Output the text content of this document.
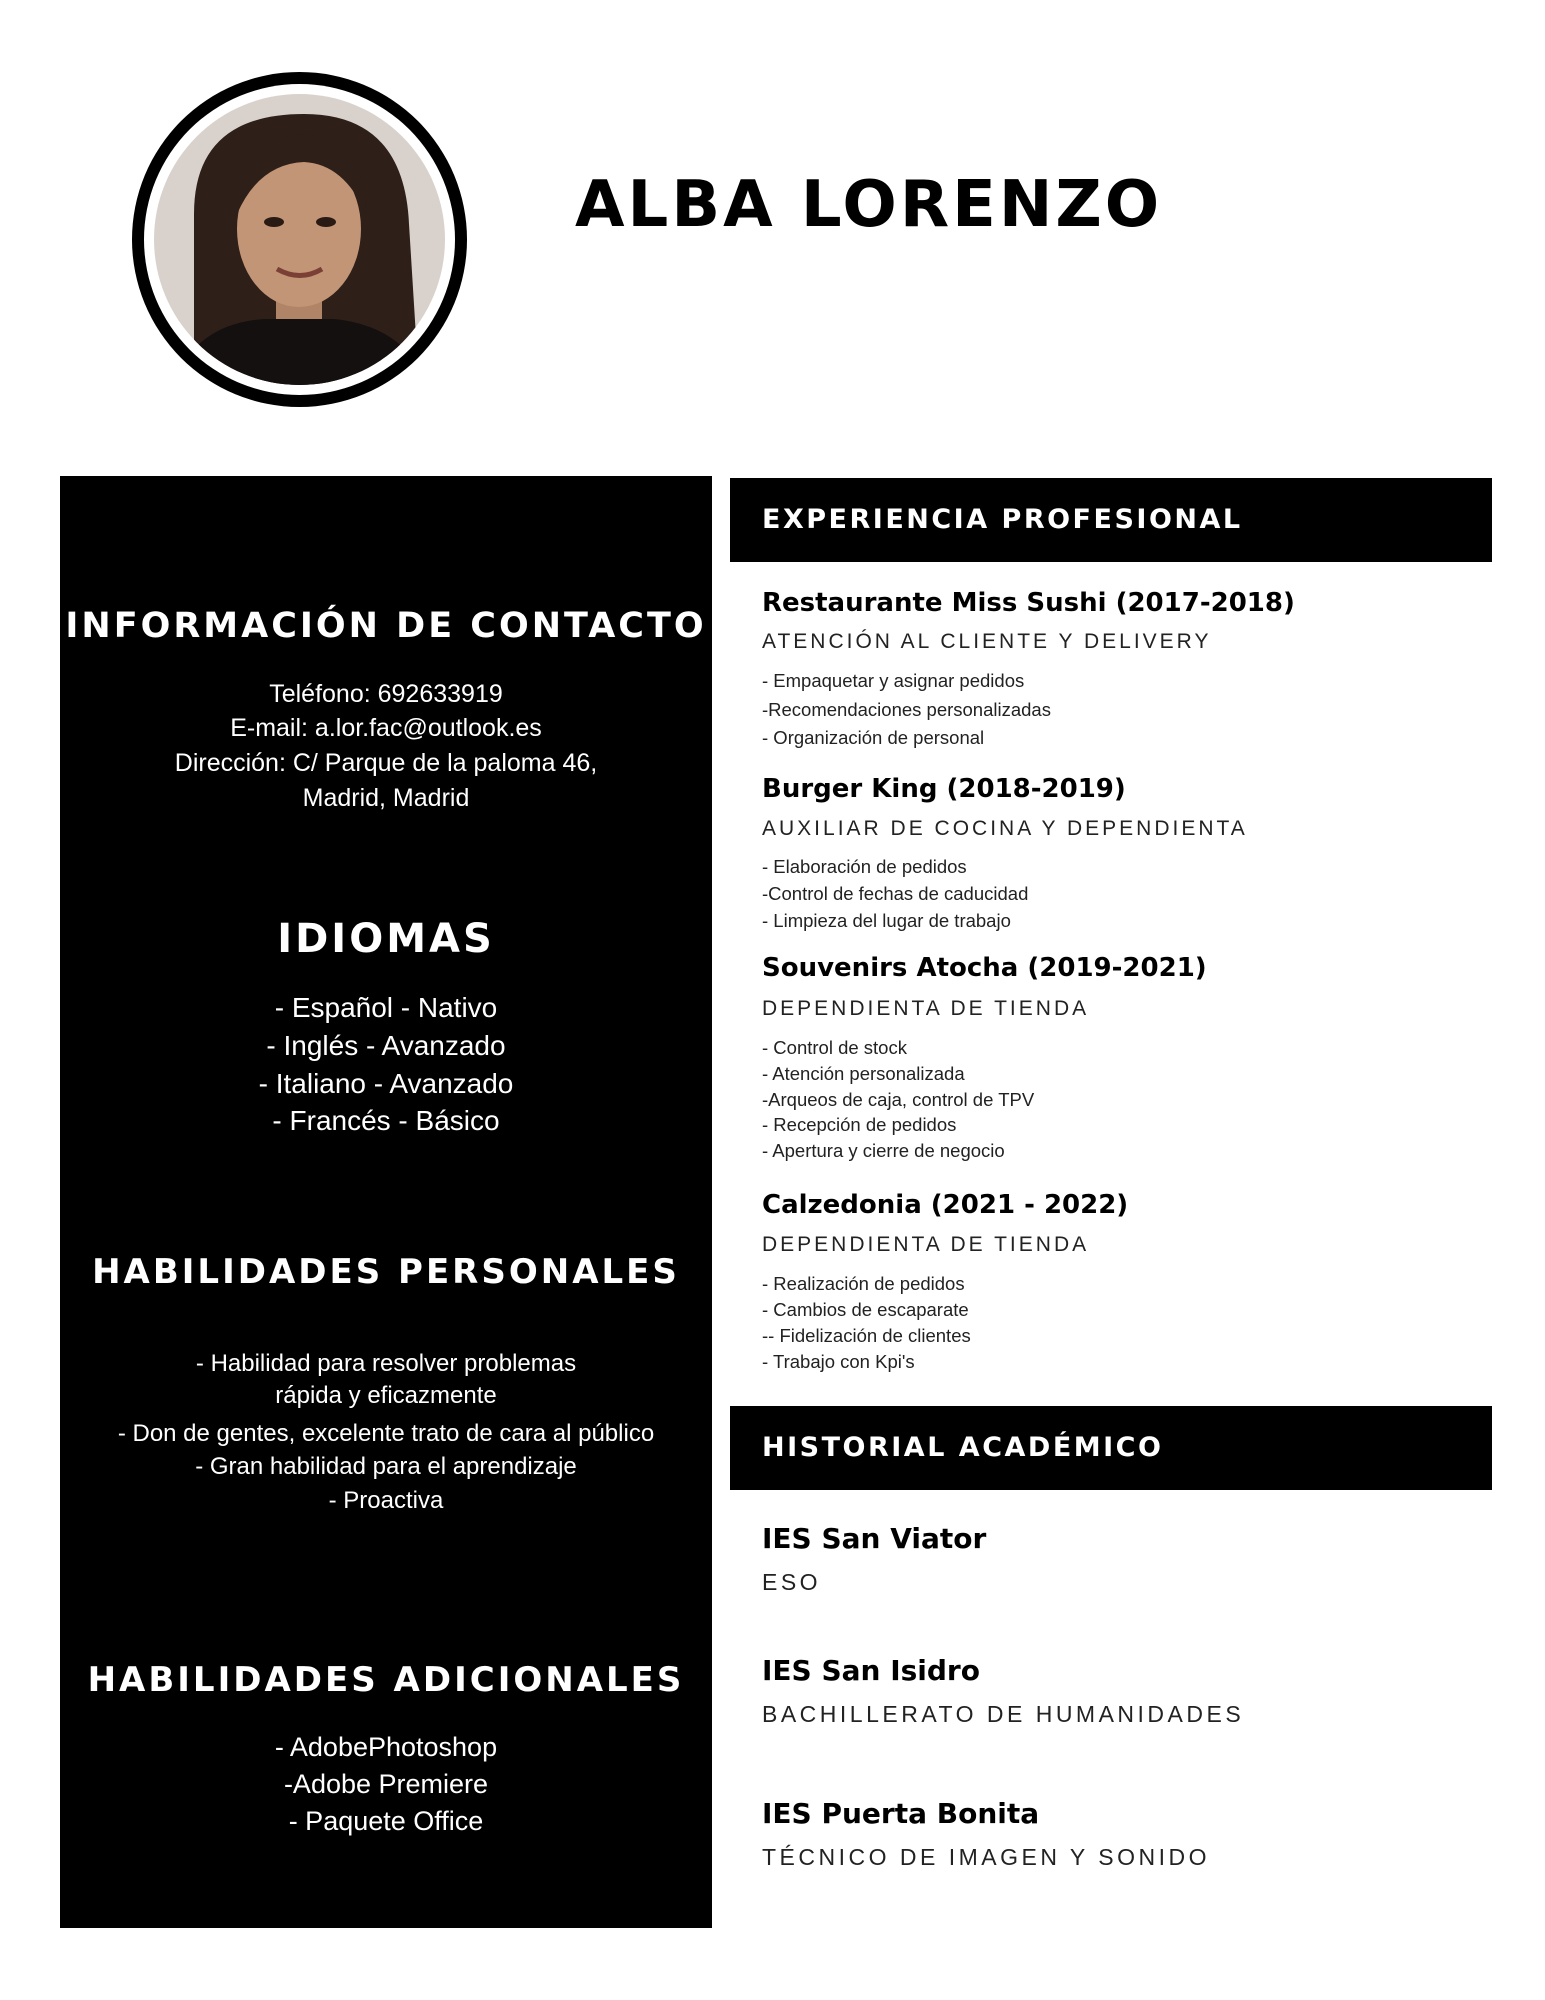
ALBA LORENZO
INFORMACIÓN DE CONTACTO
Teléfono: 692633919
E-mail: a.lor.fac@outlook.es
Dirección: C/ Parque de la paloma 46,
Madrid, Madrid
IDIOMAS
- Español - Nativo
- Inglés - Avanzado
- Italiano - Avanzado
- Francés - Básico
HABILIDADES PERSONALES
- Habilidad para resolver problemas
rápida y eficazmente
- Don de gentes, excelente trato de cara al público
- Gran habilidad para el aprendizaje
- Proactiva
HABILIDADES ADICIONALES
- AdobePhotoshop
-Adobe Premiere
- Paquete Office
EXPERIENCIA PROFESIONAL
Restaurante Miss Sushi (2017-2018)
ATENCIÓN AL CLIENTE Y DELIVERY
- Empaquetar y asignar pedidos
-Recomendaciones personalizadas
- Organización de personal
Burger King (2018-2019)
AUXILIAR DE COCINA Y DEPENDIENTA
- Elaboración de pedidos
-Control de fechas de caducidad
- Limpieza del lugar de trabajo
Souvenirs Atocha (2019-2021)
DEPENDIENTA DE TIENDA
- Control de stock
- Atención personalizada
-Arqueos de caja, control de TPV
- Recepción de pedidos
- Apertura y cierre de negocio
Calzedonia (2021 - 2022)
DEPENDIENTA DE TIENDA
- Realización de pedidos
- Cambios de escaparate
-- Fidelización de clientes
- Trabajo con Kpi's
HISTORIAL ACADÉMICO
IES San Viator
ESO
IES San Isidro
BACHILLERATO DE HUMANIDADES
IES Puerta Bonita
TÉCNICO DE IMAGEN Y SONIDO
